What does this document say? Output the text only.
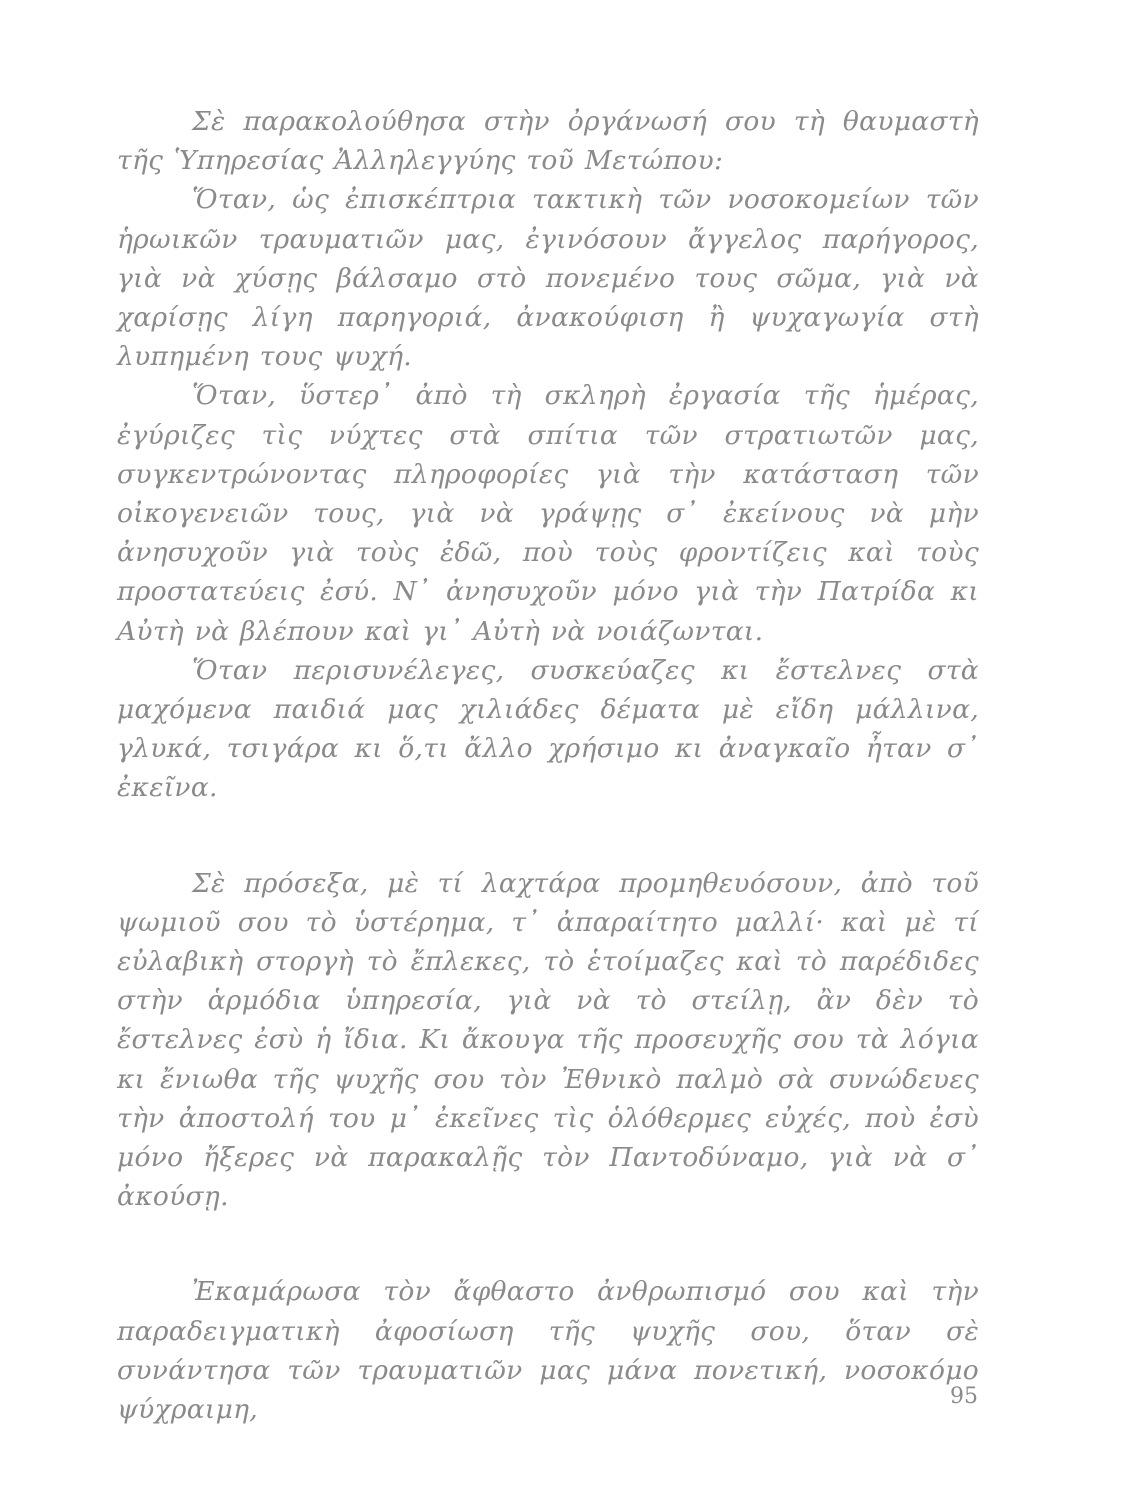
Σὲ παρακολούθησα στὴν ὀργάνωσή σου τὴ θαυμαστὴ τῆς Ὑπηρεσίας Ἀλληλεγγύης τοῦ Μετώπου:

Ὅταν, ὡς ἐπισκέπτρια τακτικὴ τῶν νοσοκομείων τῶν ἡρωικῶν τραυματιῶν μας, ἐγινόσουν ἄγγελος παρήγορος, γιὰ νὰ χύσῃς βάλσαμο στὸ πονεμένο τους σῶμα, γιὰ νὰ χαρίσῃς λίγη παρηγοριά, ἀνακούφιση ἢ ψυχαγωγία στὴ λυπημένη τους ψυχή.

Ὅταν, ὕστερ᾽ ἀπὸ τὴ σκληρὴ ἐργασία τῆς ἡμέρας, ἐγύριζες τὶς νύχτες στὰ σπίτια τῶν στρατιωτῶν μας, συγκεντρώνοντας πληροφορίες γιὰ τὴν κατάσταση τῶν οἰκογενειῶν τους, γιὰ νὰ γράψῃς σ᾽ ἐκείνους νὰ μὴν ἀνησυχοῦν γιὰ τοὺς ἐδῶ, ποὺ τοὺς φροντίζεις καὶ τοὺς προστατεύεις ἐσύ. Ν᾽ ἀνησυχοῦν μόνο γιὰ τὴν Πατρίδα κι Αὐτὴ νὰ βλέπουν καὶ γι᾽ Αὐτὴ νὰ νοιάζωνται.

Ὅταν περισυνέλεγες, συσκεύαζες κι ἔστελνες στὰ μαχόμενα παιδιά μας χιλιάδες δέματα μὲ εἴδη μάλλινα, γλυκά, τσιγάρα κι ὅ,τι ἄλλο χρήσιμο κι ἀναγκαῖο ἦταν σ᾽ ἐκεῖνα.

Σὲ πρόσεξα, μὲ τί λαχτάρα προμηθευόσουν, ἀπὸ τοῦ ψωμιοῦ σου τὸ ὑστέρημα, τ᾽ ἀπαραίτητο μαλλί· καὶ μὲ τί εὐλαβικὴ στοργὴ τὸ ἔπλεκες, τὸ ἑτοίμαζες καὶ τὸ παρέδιδες στὴν ἁρμόδια ὑπηρεσία, γιὰ νὰ τὸ στείλῃ, ἂν δὲν τὸ ἔστελνες ἐσὺ ἡ ἴδια. Κι ἄκουγα τῆς προσευχῆς σου τὰ λόγια κι ἔνιωθα τῆς ψυχῆς σου τὸν Ἐθνικὸ παλμὸ σὰ συνώδευες τὴν ἀποστολή του μ᾽ ἐκεῖνες τὶς ὁλόθερμες εὐχές, ποὺ ἐσὺ μόνο ἤξερες νὰ παρακαλῇς τὸν Παντοδύναμο, γιὰ νὰ σ᾽ ἀκούσῃ.

Ἐκαμάρωσα τὸν ἄφθαστο ἀνθρωπισμό σου καὶ τὴν παραδειγματικὴ ἀφοσίωση τῆς ψυχῆς σου, ὅταν σὲ συνάντησα τῶν τραυματιῶν μας μάνα πονετική, νοσοκόμο ψύχραιμη,	95
